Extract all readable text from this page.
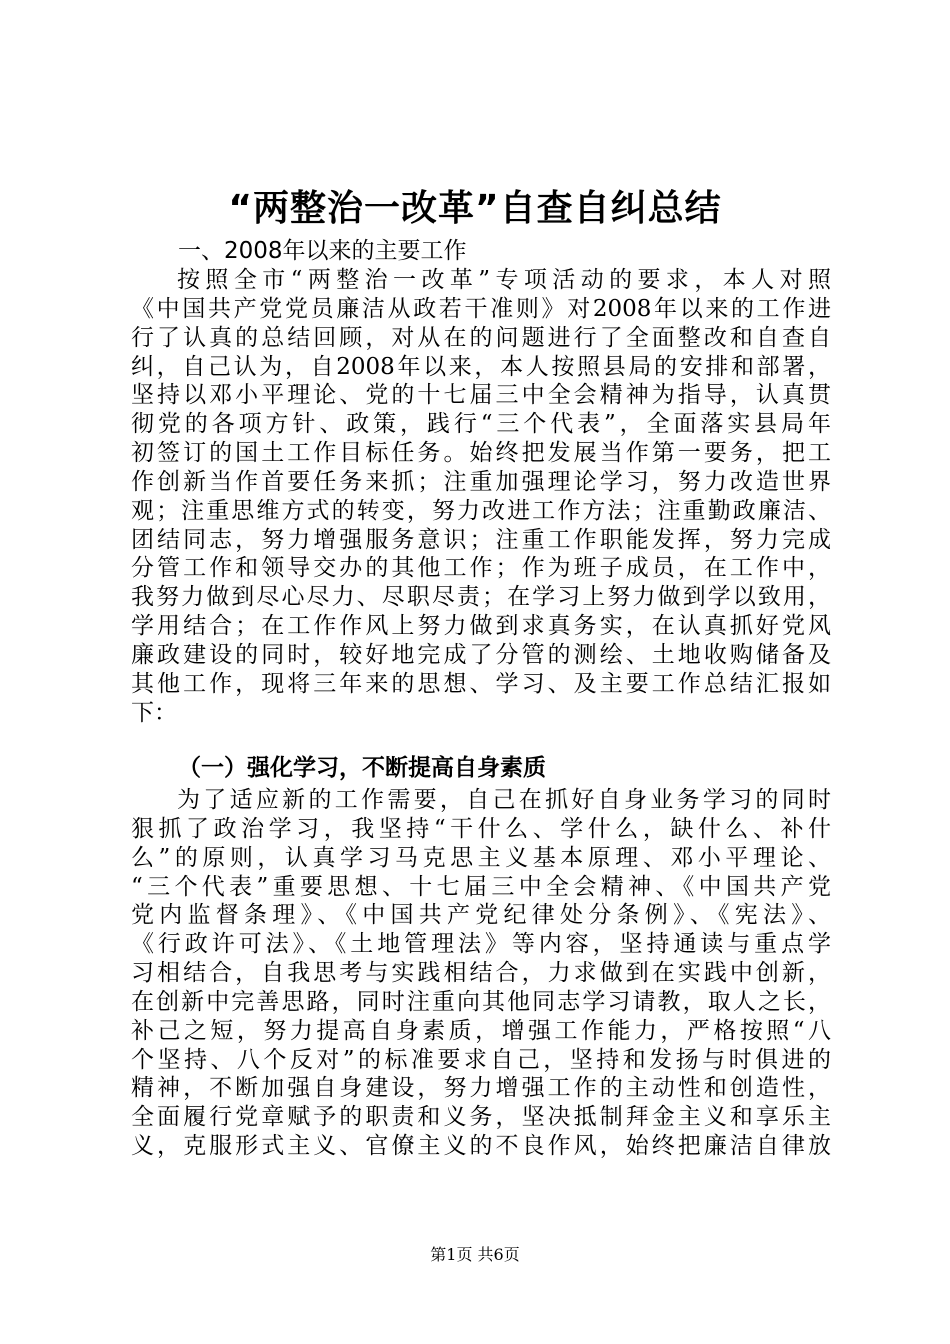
“两整治一改革”自查自纠总结
一、2008年以来的主要工作
按照全市“两整治一改革”专项活动的要求，本人对照
《中国共产党党员廉洁从政若干准则》对2008年以来的工作进
行了认真的总结回顾，对从在的问题进行了全面整改和自查自
纠，自己认为，自2008年以来，本人按照县局的安排和部署，
坚持以邓小平理论、党的十七届三中全会精神为指导，认真贯
彻党的各项方针、政策，践行“三个代表”，全面落实县局年
初签订的国土工作目标任务。始终把发展当作第一要务，把工
作创新当作首要任务来抓；注重加强理论学习，努力改造世界
观；注重思维方式的转变，努力改进工作方法；注重勤政廉洁、
团结同志，努力增强服务意识；注重工作职能发挥，努力完成
分管工作和领导交办的其他工作；作为班子成员，在工作中，
我努力做到尽心尽力、尽职尽责；在学习上努力做到学以致用，
学用结合；在工作作风上努力做到求真务实，在认真抓好党风
廉政建设的同时，较好地完成了分管的测绘、土地收购储备及
其他工作，现将三年来的思想、学习、及主要工作总结汇报如
下：
（一）强化学习，不断提高自身素质
为了适应新的工作需要，自己在抓好自身业务学习的同时
狠抓了政治学习，我坚持“干什么、学什么，缺什么、补什
么”的原则，认真学习马克思主义基本原理、邓小平理论、
“三个代表”重要思想、十七届三中全会精神、《中国共产党
党内监督条理》、《中国共产党纪律处分条例》、《宪法》、
《行政许可法》、《土地管理法》等内容，坚持通读与重点学
习相结合，自我思考与实践相结合，力求做到在实践中创新，
在创新中完善思路，同时注重向其他同志学习请教，取人之长，
补己之短，努力提高自身素质，增强工作能力，严格按照“八
个坚持、八个反对”的标准要求自己，坚持和发扬与时俱进的
精神，不断加强自身建设，努力增强工作的主动性和创造性，
全面履行党章赋予的职责和义务，坚决抵制拜金主义和享乐主
义，克服形式主义、官僚主义的不良作风，始终把廉洁自律放
第1页 共6页
